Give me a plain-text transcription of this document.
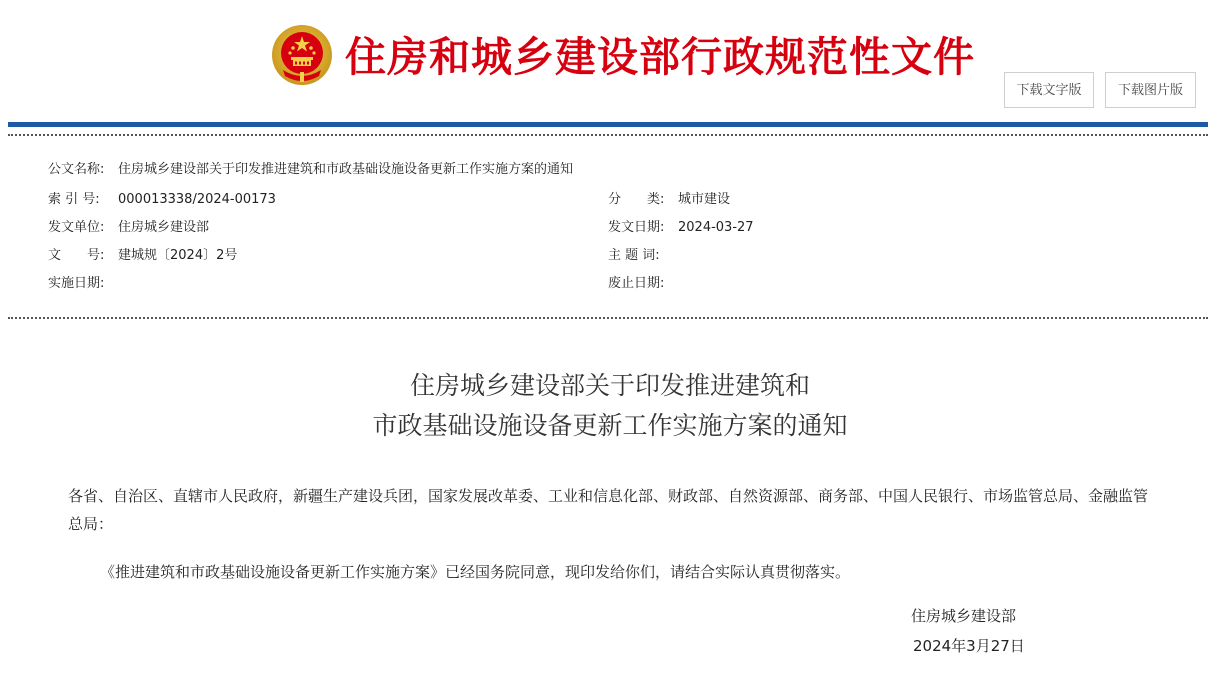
住房和城乡建设部行政规范性文件
下载文字版	下载图片版
公文名称: 住房城乡建设部关于印发推进建筑和市政基础设施设备更新工作实施方案的通知
索 引 号: 000013338/2024-00173	分　　类: 城市建设
发文单位: 住房城乡建设部	发文日期: 2024-03-27
文　　号: 建城规〔2024〕2号	主 题 词:
实施日期:	废止日期:
住房城乡建设部关于印发推进建筑和
市政基础设施设备更新工作实施方案的通知
各省、自治区、直辖市人民政府，新疆生产建设兵团，国家发展改革委、工业和信息化部、财政部、自然资源部、商务部、中国人民银行、市场监管总局、金融监管总局：
《推进建筑和市政基础设施设备更新工作实施方案》已经国务院同意，现印发给你们，请结合实际认真贯彻落实。
住房城乡建设部
2024年3月27日
